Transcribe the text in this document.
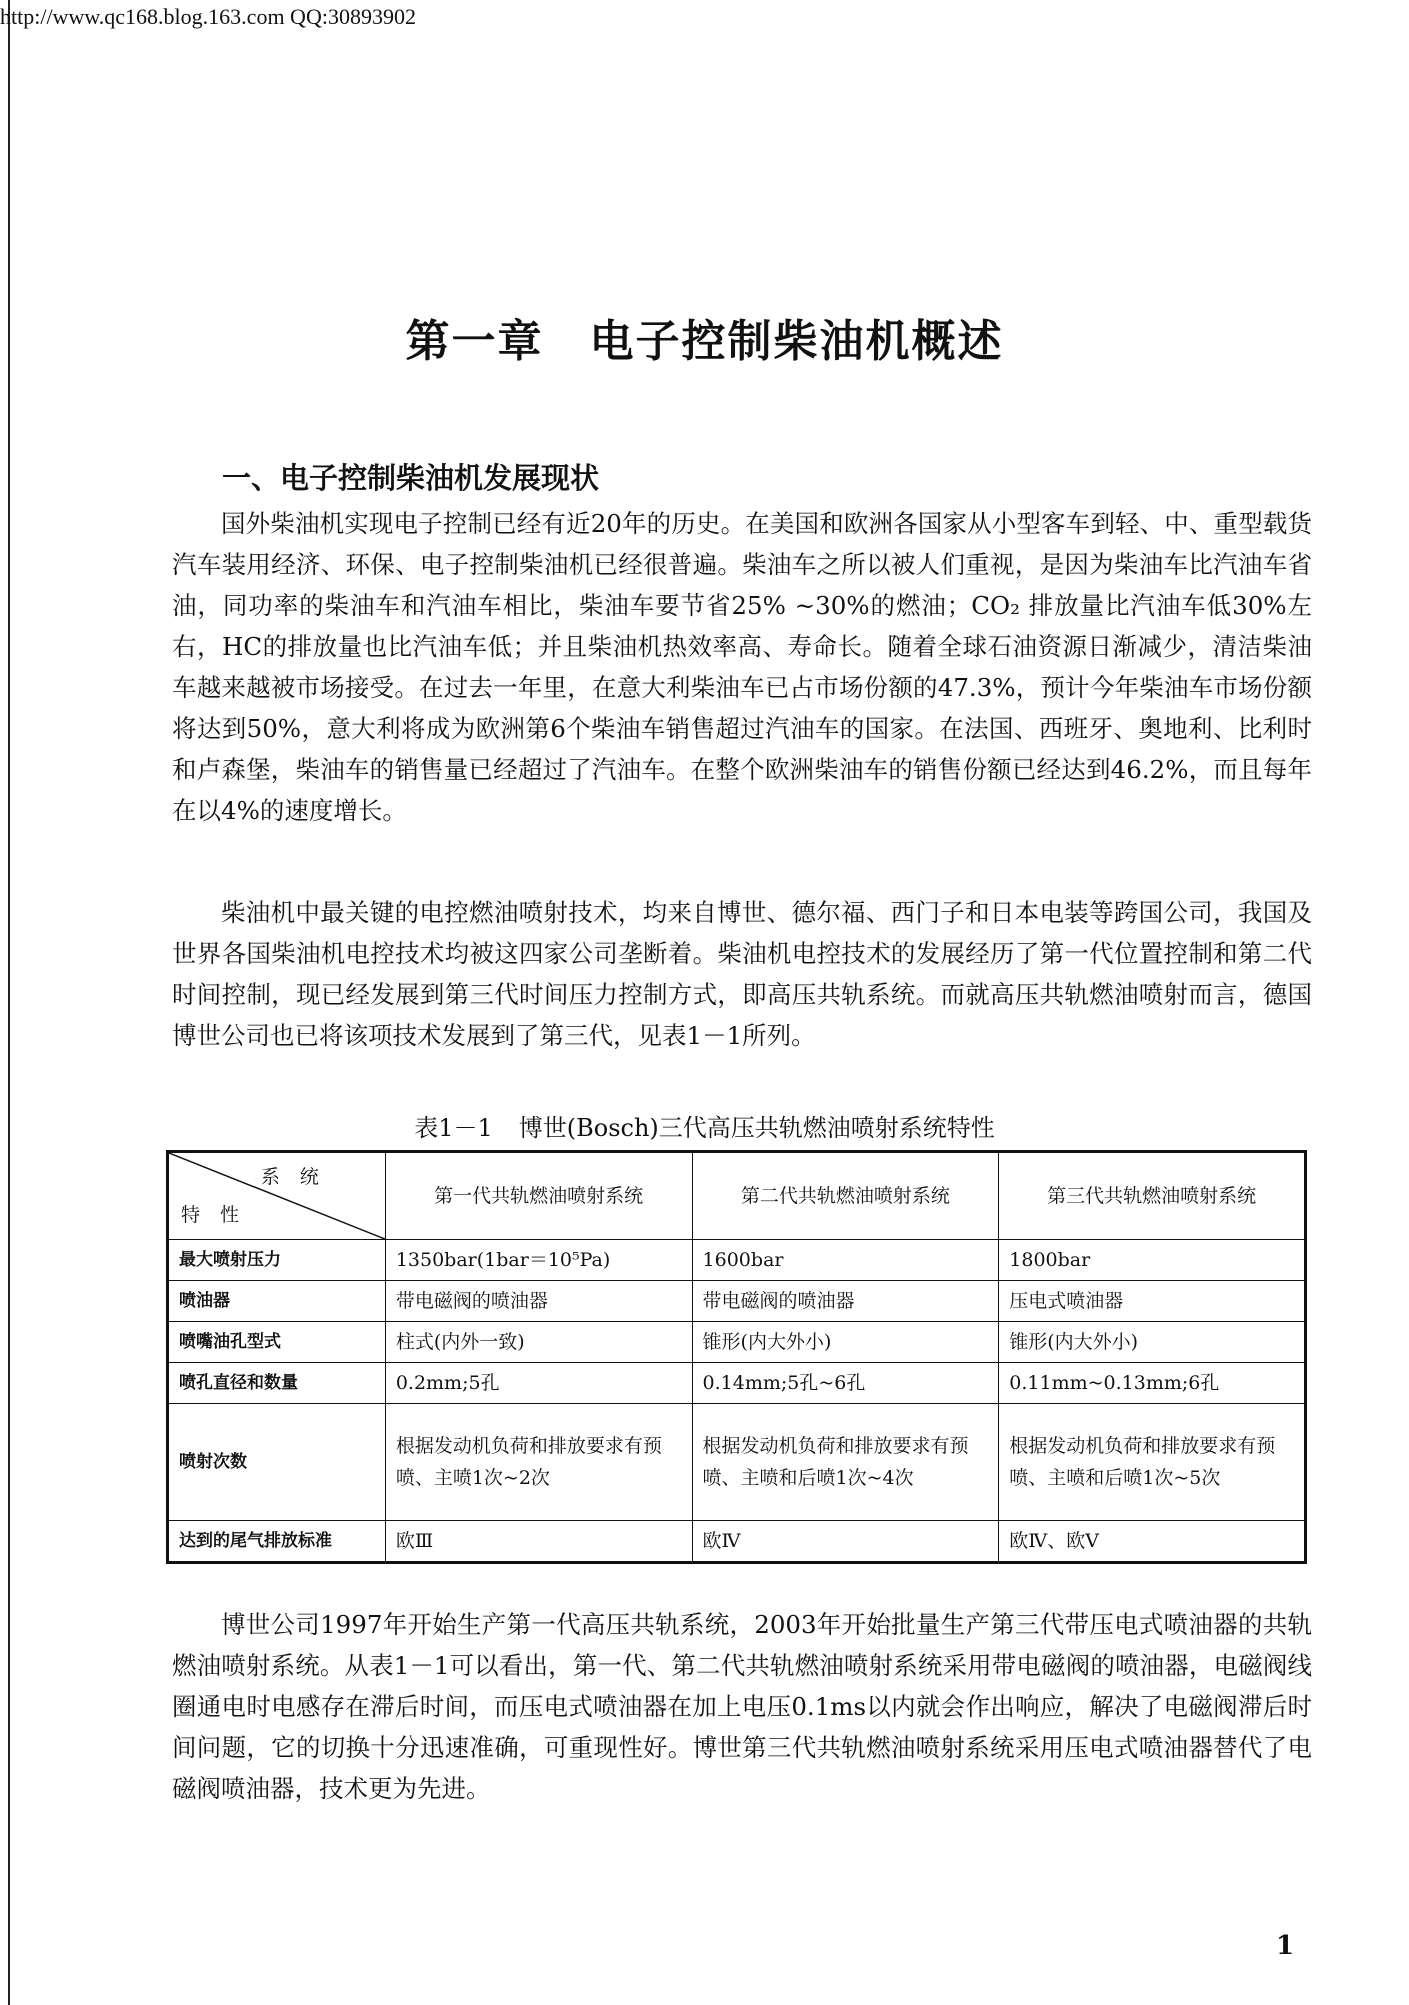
http://www.qc168.blog.163.com QQ:30893902
第一章　电子控制柴油机概述
一、电子控制柴油机发展现状

国外柴油机实现电子控制已经有近20年的历史。在美国和欧洲各国家从小型客车到轻、中、重型载货汽车装用经济、环保、电子控制柴油机已经很普遍。柴油车之所以被人们重视，是因为柴油车比汽油车省油，同功率的柴油车和汽油车相比，柴油车要节省25% ~30%的燃油；CO₂ 排放量比汽油车低30%左右，HC的排放量也比汽油车低；并且柴油机热效率高、寿命长。随着全球石油资源日渐减少，清洁柴油车越来越被市场接受。在过去一年里，在意大利柴油车已占市场份额的47.3%，预计今年柴油车市场份额将达到50%，意大利将成为欧洲第6个柴油车销售超过汽油车的国家。在法国、西班牙、奥地利、比利时和卢森堡，柴油车的销售量已经超过了汽油车。在整个欧洲柴油车的销售份额已经达到46.2%，而且每年在以4%的速度增长。

柴油机中最关键的电控燃油喷射技术，均来自博世、德尔福、西门子和日本电装等跨国公司，我国及世界各国柴油机电控技术均被这四家公司垄断着。柴油机电控技术的发展经历了第一代位置控制和第二代时间控制，现已经发展到第三代时间压力控制方式，即高压共轨系统。而就高压共轨燃油喷射而言，德国博世公司也已将该项技术发展到了第三代，见表1－1所列。

表1－1 博世(Bosch)三代高压共轨燃油喷射系统特性
系统
特性	第一代共轨燃油喷射系统	第二代共轨燃油喷射系统	第三代共轨燃油喷射系统
最大喷射压力	1350bar(1bar＝10⁵Pa)	1600bar	1800bar
喷油器	带电磁阀的喷油器	带电磁阀的喷油器	压电式喷油器
喷嘴油孔型式	柱式(内外一致)	锥形(内大外小)	锥形(内大外小)
喷孔直径和数量	0.2mm;5孔	0.14mm;5孔~6孔	0.11mm~0.13mm;6孔
喷射次数	根据发动机负荷和排放要求有预喷、主喷1次~2次	根据发动机负荷和排放要求有预喷、主喷和后喷1次~4次	根据发动机负荷和排放要求有预喷、主喷和后喷1次~5次
达到的尾气排放标准	欧Ⅲ	欧Ⅳ	欧Ⅳ、欧Ⅴ

博世公司1997年开始生产第一代高压共轨系统，2003年开始批量生产第三代带压电式喷油器的共轨燃油喷射系统。从表1－1可以看出，第一代、第二代共轨燃油喷射系统采用带电磁阀的喷油器，电磁阀线圈通电时电感存在滞后时间，而压电式喷油器在加上电压0.1ms以内就会作出响应，解决了电磁阀滞后时间问题，它的切换十分迅速准确，可重现性好。博世第三代共轨燃油喷射系统采用压电式喷油器替代了电磁阀喷油器，技术更为先进。

1
